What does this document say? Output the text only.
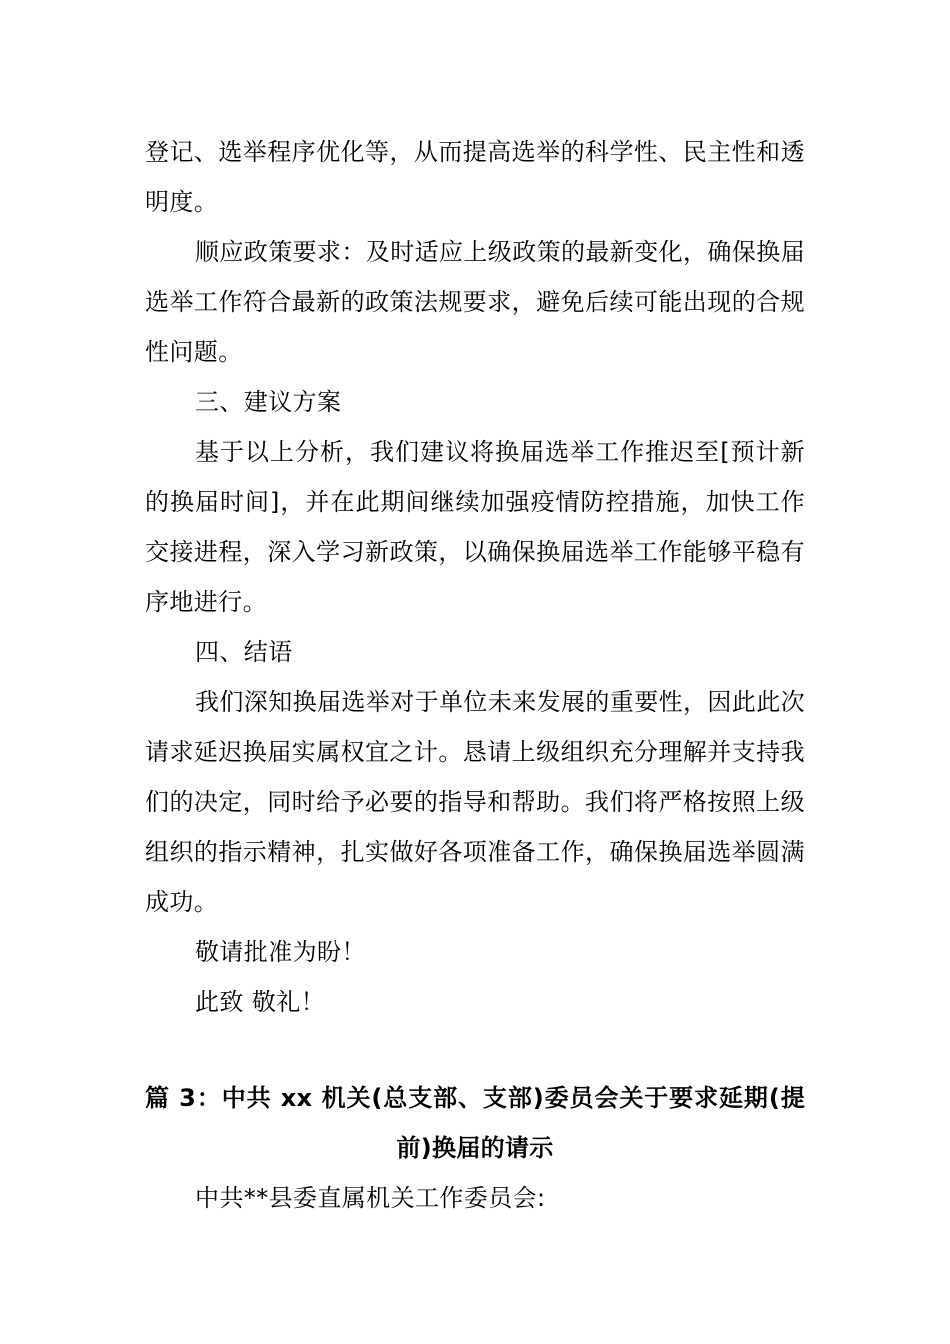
登记、选举程序优化等，从而提高选举的科学性、民主性和透明度。

顺应政策要求：及时适应上级政策的最新变化，确保换届选举工作符合最新的政策法规要求，避免后续可能出现的合规性问题。

三、建议方案

基于以上分析，我们建议将换届选举工作推迟至[预计新的换届时间]，并在此期间继续加强疫情防控措施，加快工作交接进程，深入学习新政策，以确保换届选举工作能够平稳有序地进行。

四、结语

我们深知换届选举对于单位未来发展的重要性，因此此次请求延迟换届实属权宜之计。恳请上级组织充分理解并支持我们的决定，同时给予必要的指导和帮助。我们将严格按照上级组织的指示精神，扎实做好各项准备工作，确保换届选举圆满成功。

敬请批准为盼！

此致 敬礼！

篇 3：中共 xx 机关(总支部、支部)委员会关于要求延期(提前)换届的请示

中共**县委直属机关工作委员会:
